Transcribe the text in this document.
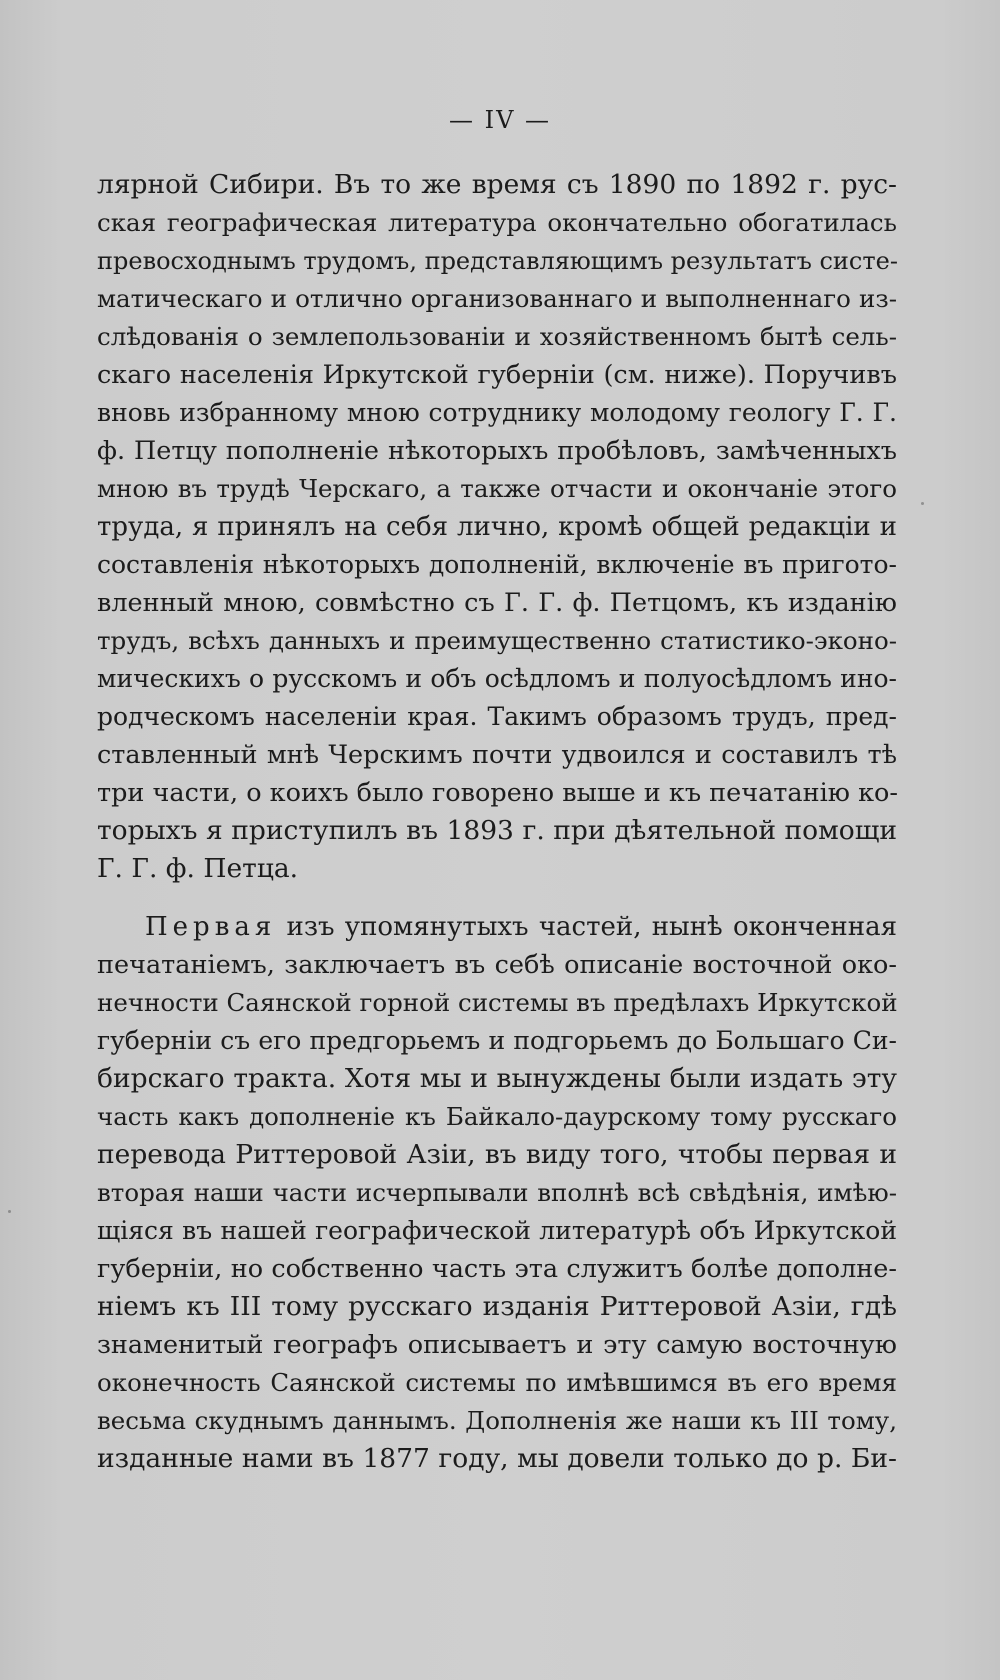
— IV —
лярной Сибири. Въ то же время съ 1890 по 1892 г. рус-
ская географическая литература окончательно обогатилась
превосходнымъ трудомъ, представляющимъ результатъ систе-
матическаго и отлично организованнаго и выполненнаго из-
слѣдованія о землепользованіи и хозяйственномъ бытѣ сель-
скаго населенія Иркутской губерніи (см. ниже). Поручивъ
вновь избранному мною сотруднику молодому геологу Г. Г.
ф. Петцу пополненіе нѣкоторыхъ пробѣловъ, замѣченныхъ
мною въ трудѣ Черскаго, а также отчасти и окончаніе этого
труда, я принялъ на себя лично, кромѣ общей редакціи и
составленія нѣкоторыхъ дополненій, включеніе въ пригото-
вленный мною, совмѣстно съ Г. Г. ф. Петцомъ, къ изданію
трудъ, всѣхъ данныхъ и преимущественно статистико-эконо-
мическихъ о русскомъ и объ осѣдломъ и полуосѣдломъ ино-
родческомъ населеніи края. Такимъ образомъ трудъ, пред-
ставленный мнѣ Черскимъ почти удвоился и составилъ тѣ
три части, о коихъ было говорено выше и къ печатанію ко-
торыхъ я приступилъ въ 1893 г. при дѣятельной помощи
Г. Г. ф. Петца.
Первая изъ упомянутыхъ частей, нынѣ оконченная
печатаніемъ, заключаетъ въ себѣ описаніе восточной око-
нечности Саянской горной системы въ предѣлахъ Иркутской
губерніи съ его предгорьемъ и подгорьемъ до Большаго Си-
бирскаго тракта. Хотя мы и вынуждены были издать эту
часть какъ дополненіе къ Байкало-даурскому тому русскаго
перевода Риттеровой Азіи, въ виду того, чтобы первая и
вторая наши части исчерпывали вполнѣ всѣ свѣдѣнія, имѣю-
щіяся въ нашей географической литературѣ объ Иркутской
губерніи, но собственно часть эта служитъ болѣе дополне-
ніемъ къ III тому русскаго изданія Риттеровой Азіи, гдѣ
знаменитый географъ описываетъ и эту самую восточную
оконечность Саянской системы по имѣвшимся въ его время
весьма скуднымъ даннымъ. Дополненія же наши къ III тому,
изданные нами въ 1877 году, мы довели только до р. Би-
